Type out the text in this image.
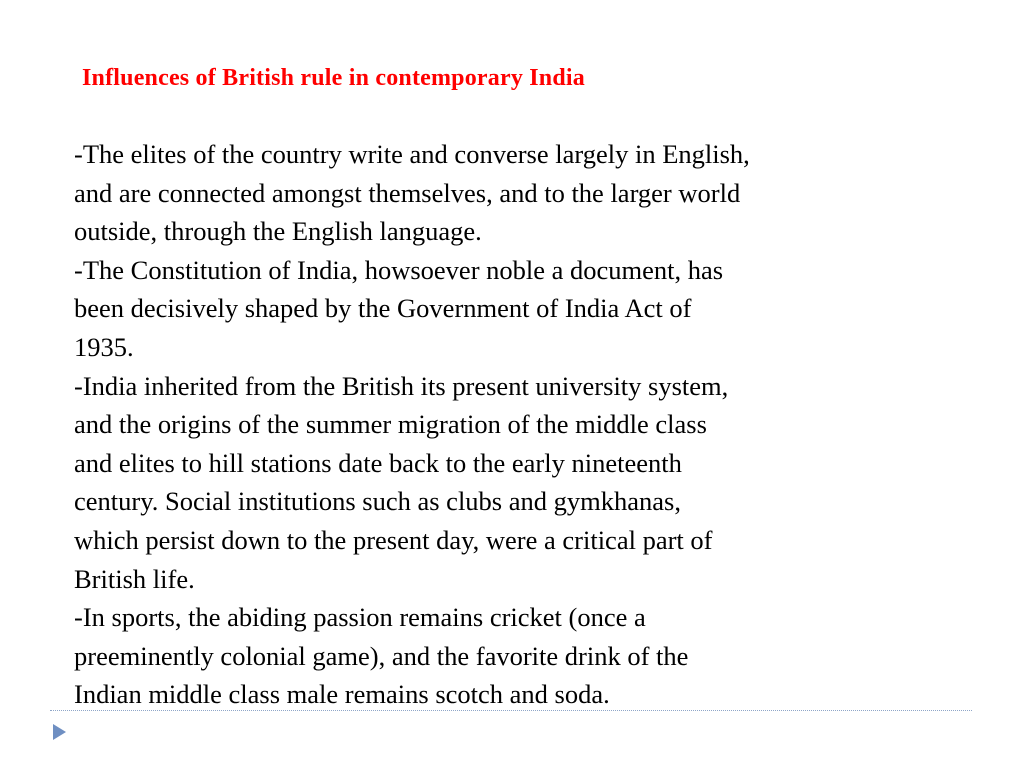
Influences of British rule in contemporary India
-The elites of the country write and converse largely in English,
and are connected amongst themselves, and to the larger world
outside, through the English language.
-The Constitution of India, howsoever noble a document, has
been decisively shaped by the Government of India Act of
1935.
-India inherited from the British its present university system,
and the origins of the summer migration of the middle class
and elites to hill stations date back to the early nineteenth
century. Social institutions such as clubs and gymkhanas,
which persist down to the present day, were a critical part of
British life.
-In sports, the abiding passion remains cricket (once a
preeminently colonial game), and the favorite drink of the
Indian middle class male remains scotch and soda.
